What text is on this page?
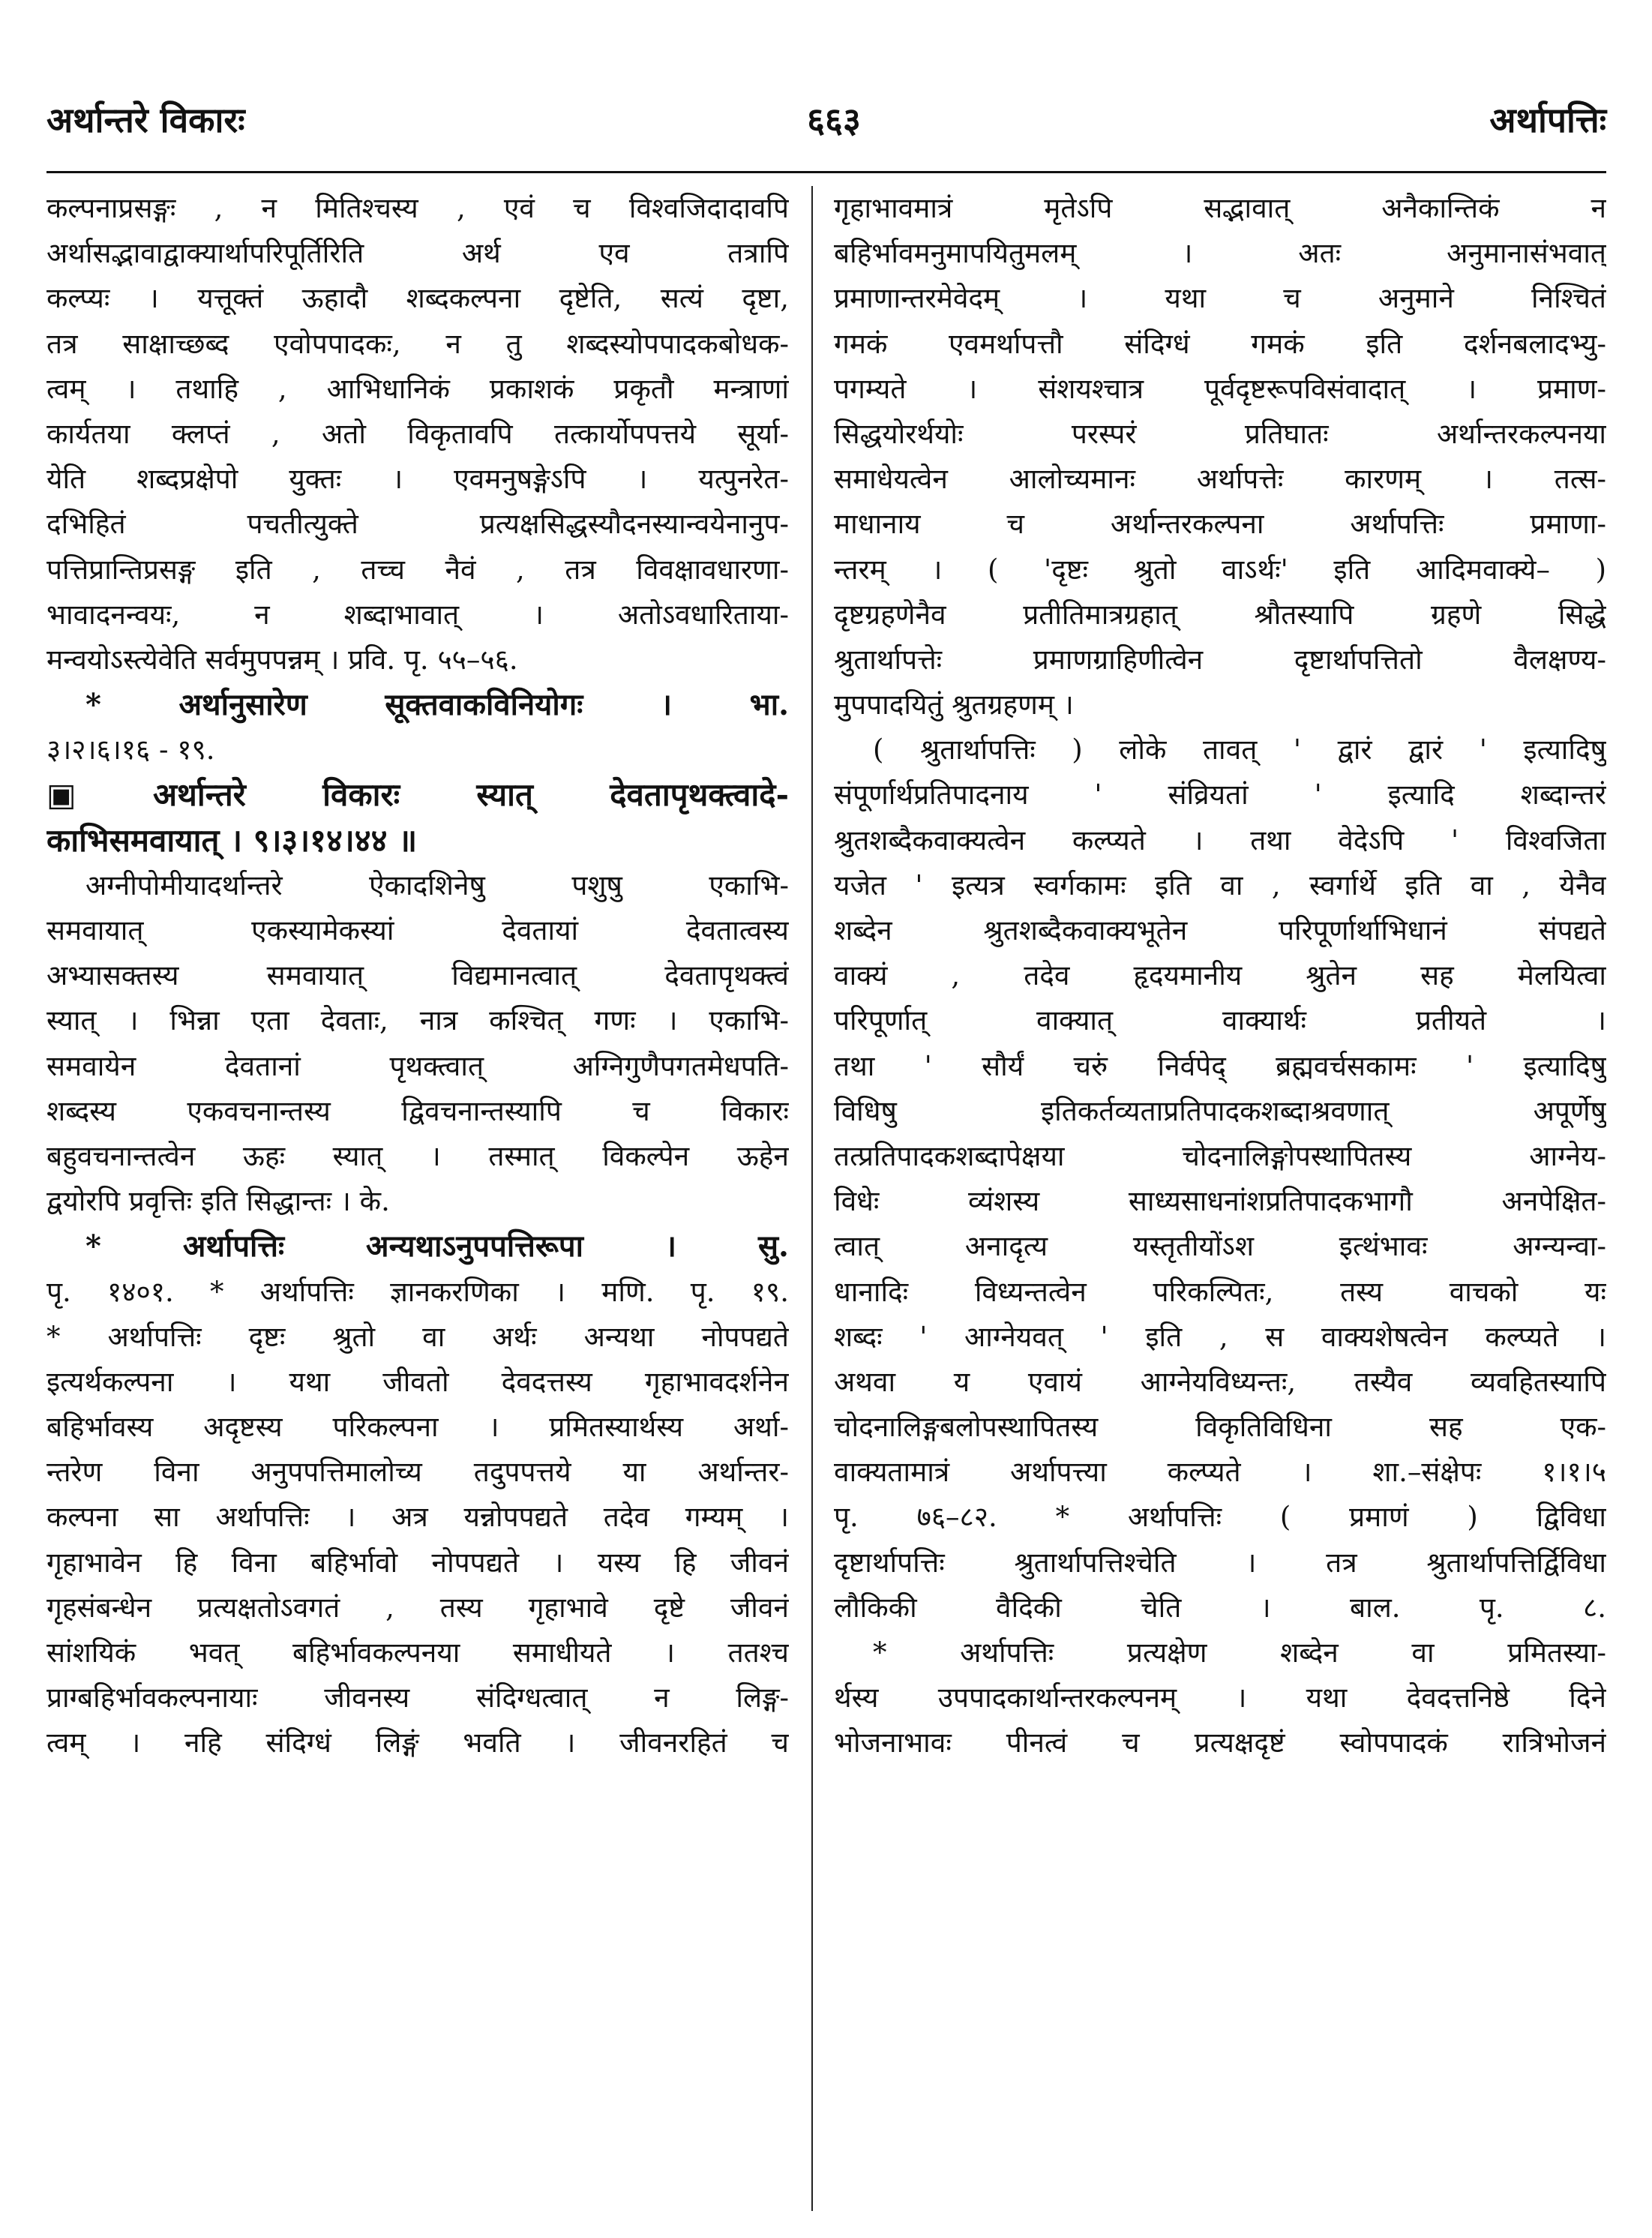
अर्थान्तरे विकारः	६६३	अर्थापत्तिः
कल्पनाप्रसङ्गः , न मितिश्चस्य , एवं च विश्वजिदादावपि
अर्थासद्भावाद्वाक्यार्थापरिपूर्तिरिति अर्थ एव तत्रापि
कल्प्यः । यत्तूक्तं ऊहादौ शब्दकल्पना दृष्टेति, सत्यं दृष्टा,
तत्र साक्षाच्छब्द एवोपपादकः, न तु शब्दस्योपपादकबोधक-
त्वम् । तथाहि , आभिधानिकं प्रकाशकं प्रकृतौ मन्त्राणां
कार्यतया क्लप्तं , अतो विकृतावपि तत्कार्योपपत्तये सूर्या-
येति शब्दप्रक्षेपो युक्तः । एवमनुषङ्गेऽपि । यत्पुनरेत-
दभिहितं पचतीत्युक्ते प्रत्यक्षसिद्धस्यौदनस्यान्वयेनानुप-
पत्तिप्रान्तिप्रसङ्ग इति , तच्च नैवं , तत्र विवक्षावधारणा-
भावादनन्वयः, न शब्दाभावात् । अतोऽवधारिताया-
मन्वयोऽस्त्येवेति सर्वमुपपन्नम् । प्रवि. पृ. ५५–५६.
* अर्थानुसारेण सूक्तवाकविनियोगः । भा.
३।२।६।१६ - १९.
▣ अर्थान्तरे विकारः स्यात् देवतापृथक्त्वादे-
काभिसमवायात् । ९।३।१४।४४ ॥
अग्नीपोमीयादर्थान्तरे ऐकादशिनेषु पशुषु एकाभि-
समवायात् एकस्यामेकस्यां देवतायां देवतात्वस्य
अभ्यासक्तस्य समवायात् विद्यमानत्वात् देवतापृथक्त्वं
स्यात् । भिन्ना एता देवताः, नात्र कश्चित् गणः । एकाभि-
समवायेन देवतानां पृथक्त्वात् अग्निगुणैपगतमेधपति-
शब्दस्य एकवचनान्तस्य द्विवचनान्तस्यापि च विकारः
बहुवचनान्तत्वेन ऊहः स्यात् । तस्मात् विकल्पेन ऊहेन
द्वयोरपि प्रवृत्तिः इति सिद्धान्तः । के.
* अर्थापत्तिः अन्यथाऽनुपपत्तिरूपा । सु.
पृ. १४०१. * अर्थापत्तिः ज्ञानकरणिका । मणि. पृ. १९.
* अर्थापत्तिः दृष्टः श्रुतो वा अर्थः अन्यथा नोपपद्यते
इत्यर्थकल्पना । यथा जीवतो देवदत्तस्य गृहाभावदर्शनेन
बहिर्भावस्य अदृष्टस्य परिकल्पना । प्रमितस्यार्थस्य अर्था-
न्तरेण विना अनुपपत्तिमालोच्य तदुपपत्तये या अर्थान्तर-
कल्पना सा अर्थापत्तिः । अत्र यन्नोपपद्यते तदेव गम्यम् ।
गृहाभावेन हि विना बहिर्भावो नोपपद्यते । यस्य हि जीवनं
गृहसंबन्धेन प्रत्यक्षतोऽवगतं , तस्य गृहाभावे दृष्टे जीवनं
सांशयिकं भवत् बहिर्भावकल्पनया समाधीयते । ततश्च
प्राग्बहिर्भावकल्पनायाः जीवनस्य संदिग्धत्वात् न लिङ्ग-
त्वम् । नहि संदिग्धं लिङ्गं भवति । जीवनरहितं च
गृहाभावमात्रं मृतेऽपि सद्भावात् अनैकान्तिकं न
बहिर्भावमनुमापयितुमलम् । अतः अनुमानासंभवात्
प्रमाणान्तरमेवेदम् । यथा च अनुमाने निश्चितं
गमकं एवमर्थापत्तौ संदिग्धं गमकं इति दर्शनबलादभ्यु-
पगम्यते । संशयश्चात्र पूर्वदृष्टरूपविसंवादात् । प्रमाण-
सिद्धयोरर्थयोः परस्परं प्रतिघातः अर्थान्तरकल्पनया
समाधेयत्वेन आलोच्यमानः अर्थापत्तेः कारणम् । तत्स-
माधानाय च अर्थान्तरकल्पना अर्थापत्तिः प्रमाणा-
न्तरम् । ( 'दृष्टः श्रुतो वाऽर्थः' इति आदिमवाक्ये– )
दृष्टग्रहणेनैव प्रतीतिमात्रग्रहात् श्रौतस्यापि ग्रहणे सिद्धे
श्रुतार्थापत्तेः प्रमाणग्राहिणीत्वेन दृष्टार्थापत्तितो वैलक्षण्य-
मुपपादयितुं श्रुतग्रहणम् ।
( श्रुतार्थापत्तिः ) लोके तावत् ' द्वारं द्वारं ' इत्यादिषु
संपूर्णार्थप्रतिपादनाय ' संव्रियतां ' इत्यादि शब्दान्तरं
श्रुतशब्दैकवाक्यत्वेन कल्प्यते । तथा वेदेऽपि ' विश्वजिता
यजेत ' इत्यत्र स्वर्गकामः इति वा , स्वर्गार्थे इति वा , येनैव
शब्देन श्रुतशब्दैकवाक्यभूतेन परिपूर्णार्थाभिधानं संपद्यते
वाक्यं , तदेव हृदयमानीय श्रुतेन सह मेलयित्वा
परिपूर्णात् वाक्यात् वाक्यार्थः प्रतीयते ।
तथा ' सौर्यं चरुं निर्वपेद् ब्रह्मवर्चसकामः ' इत्यादिषु
विधिषु इतिकर्तव्यताप्रतिपादकशब्दाश्रवणात् अपूर्णेषु
तत्प्रतिपादकशब्दापेक्षया चोदनालिङ्गोपस्थापितस्य आग्नेय-
विधेः व्यंशस्य साध्यसाधनांशप्रतिपादकभागौ अनपेक्षित-
त्वात् अनादृत्य यस्तृतीयोंऽश इत्थंभावः अग्न्यन्वा-
धानादिः विध्यन्तत्वेन परिकल्पितः, तस्य वाचको यः
शब्दः ' आग्नेयवत् ' इति , स वाक्यशेषत्वेन कल्प्यते ।
अथवा य एवायं आग्नेयविध्यन्तः, तस्यैव व्यवहितस्यापि
चोदनालिङ्गबलोपस्थापितस्य विकृतिविधिना सह एक-
वाक्यतामात्रं अर्थापत्त्या कल्प्यते । शा.–संक्षेपः १।१।५
पृ. ७६–८२. * अर्थापत्तिः ( प्रमाणं ) द्विविधा
दृष्टार्थापत्तिः श्रुतार्थापत्तिश्चेति । तत्र श्रुतार्थापत्तिर्द्विविधा
लौकिकी वैदिकी चेति । बाल. पृ. ८.
* अर्थापत्तिः प्रत्यक्षेण शब्देन वा प्रमितस्या-
र्थस्य उपपादकार्थान्तरकल्पनम् । यथा देवदत्तनिष्ठे दिने
भोजनाभावः पीनत्वं च प्रत्यक्षदृष्टं स्वोपपादकं रात्रिभोजनं
